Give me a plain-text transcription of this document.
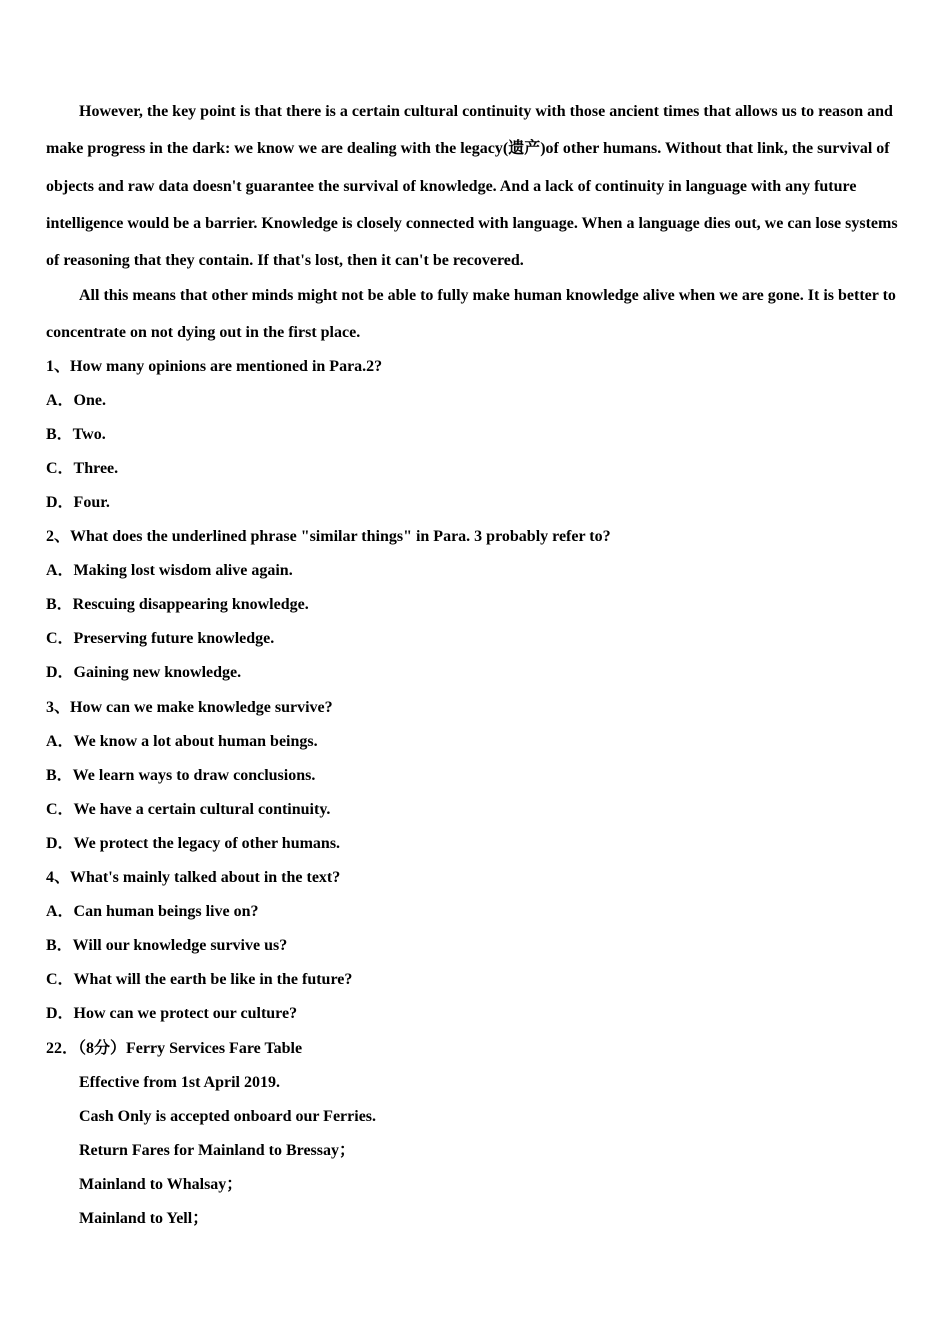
However, the key point is that there is a certain cultural continuity with those ancient times that allows us to reason and make progress in the dark: we know we are dealing with the legacy(遗产)of other humans. Without that link, the survival of objects and raw data doesn't guarantee the survival of knowledge. And a lack of continuity in language with any future intelligence would be a barrier. Knowledge is closely connected with language. When a language dies out, we can lose systems of reasoning that they contain. If that's lost, then it can't be recovered.

All this means that other minds might not be able to fully make human knowledge alive when we are gone. It is better to concentrate on not dying out in the first place.

1、How many opinions are mentioned in Para.2?

A．One.

B．Two.

C．Three.

D．Four.

2、What does the underlined phrase "similar things" in Para. 3 probably refer to?

A．Making lost wisdom alive again.

B．Rescuing disappearing knowledge.

C．Preserving future knowledge.

D．Gaining new knowledge.

3、How can we make knowledge survive?

A．We know a lot about human beings.

B．We learn ways to draw conclusions.

C．We have a certain cultural continuity.

D．We protect the legacy of other humans.

4、What's mainly talked about in the text?

A．Can human beings live on?

B．Will our knowledge survive us?

C．What will the earth be like in the future?

D．How can we protect our culture?

22．（8分）Ferry Services Fare Table

Effective from 1st April 2019.

Cash Only is accepted onboard our Ferries.

Return Fares for Mainland to Bressay；

Mainland to Whalsay；

Mainland to Yell；
